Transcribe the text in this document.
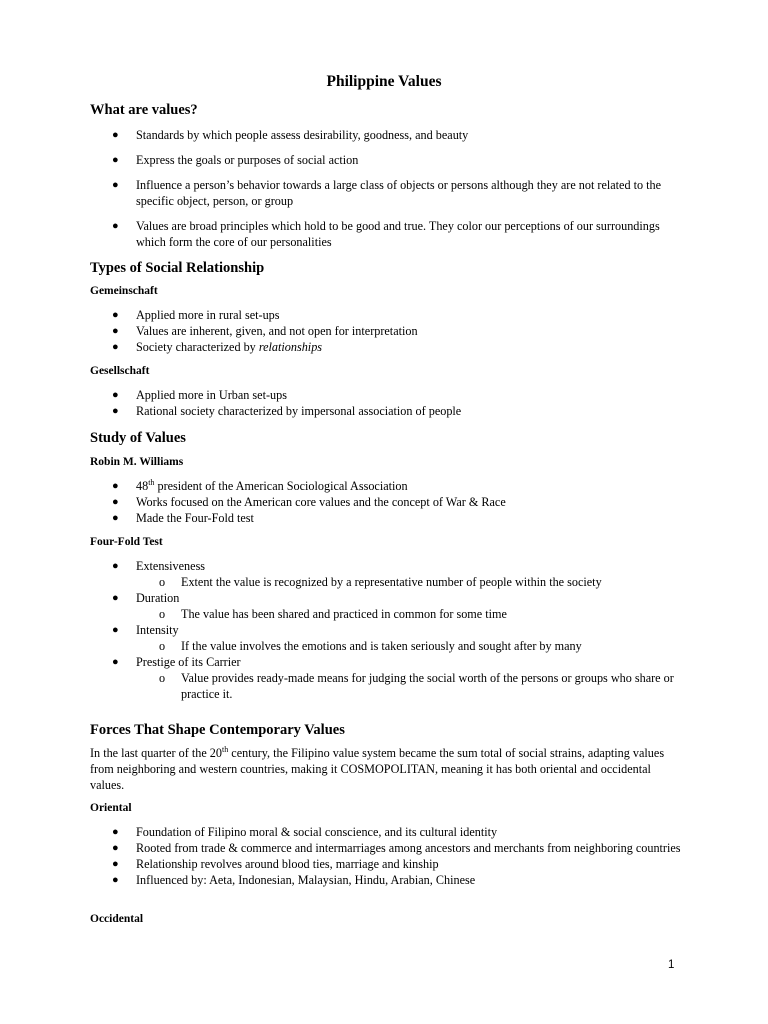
Philippine Values
What are values?
● Standards by which people assess desirability, goodness, and beauty
● Express the goals or purposes of social action
● Influence a person’s behavior towards a large class of objects or persons although they are not related to the specific object, person, or group
● Values are broad principles which hold to be good and true. They color our perceptions of our surroundings which form the core of our personalities
Types of Social Relationship
Gemeinschaft
● Applied more in rural set-ups
● Values are inherent, given, and not open for interpretation
● Society characterized by relationships
Gesellschaft
● Applied more in Urban set-ups
● Rational society characterized by impersonal association of people
Study of Values
Robin M. Williams
● 48th president of the American Sociological Association
● Works focused on the American core values and the concept of War & Race
● Made the Four-Fold test
Four-Fold Test
● Extensiveness
o Extent the value is recognized by a representative number of people within the society
● Duration
o The value has been shared and practiced in common for some time
● Intensity
o If the value involves the emotions and is taken seriously and sought after by many
● Prestige of its Carrier
o Value provides ready-made means for judging the social worth of the persons or groups who share or practice it.
Forces That Shape Contemporary Values
In the last quarter of the 20th century, the Filipino value system became the sum total of social strains, adapting values from neighboring and western countries, making it COSMOPOLITAN, meaning it has both oriental and occidental values.
Oriental
● Foundation of Filipino moral & social conscience, and its cultural identity
● Rooted from trade & commerce and intermarriages among ancestors and merchants from neighboring countries
● Relationship revolves around blood ties, marriage and kinship
● Influenced by: Aeta, Indonesian, Malaysian, Hindu, Arabian, Chinese
Occidental
1
